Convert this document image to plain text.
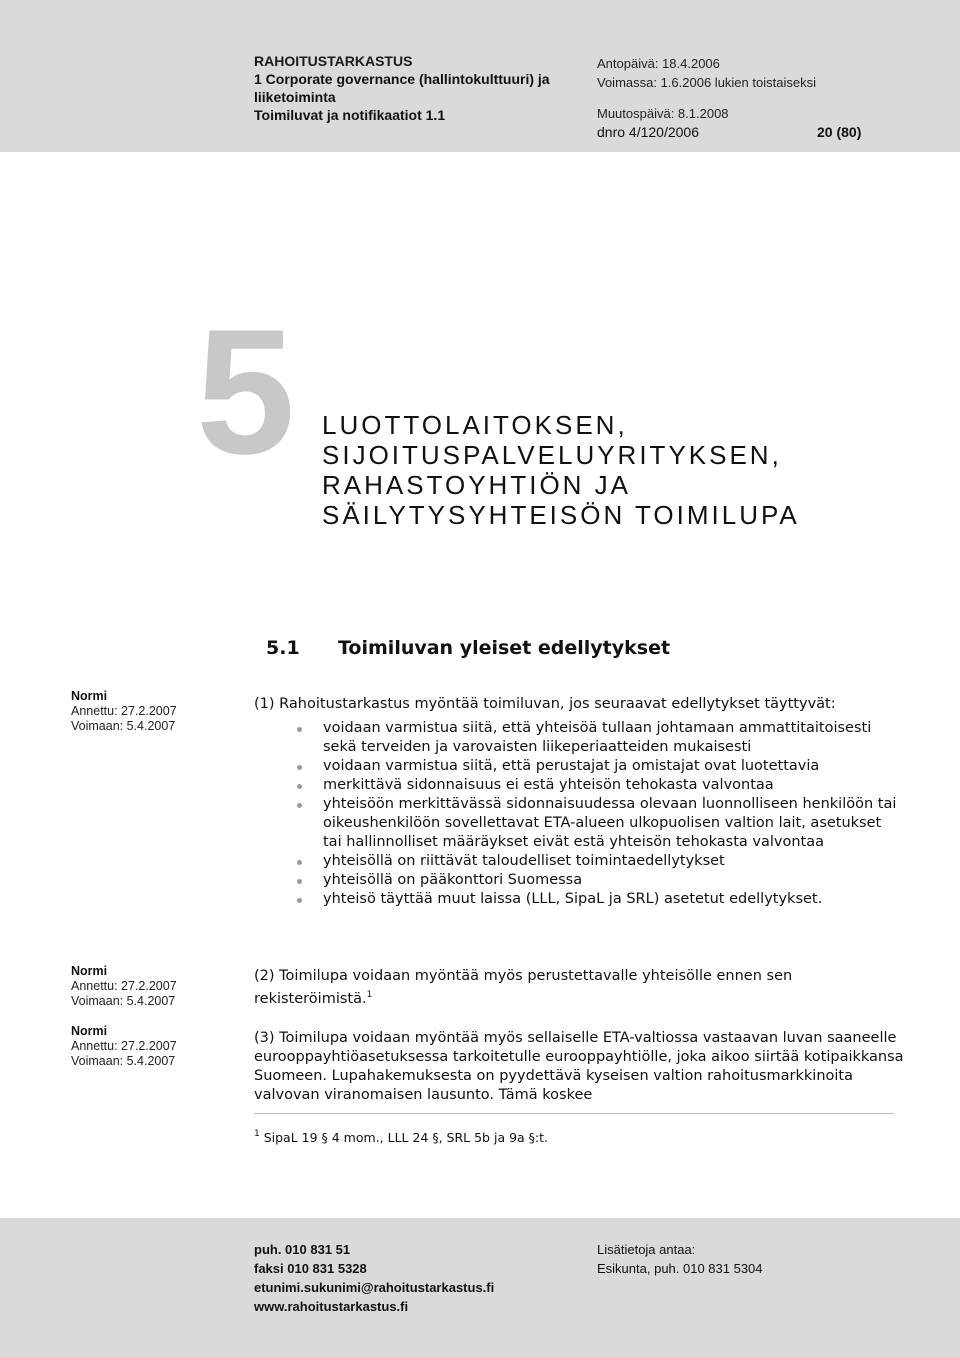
RAHOITUSTARKASTUS
1 Corporate governance (hallintokulttuuri) ja
liiketoiminta
Toimiluvat ja notifikaatiot 1.1
Antopäivä: 18.4.2006
Voimassa: 1.6.2006 lukien toistaiseksi
Muutospäivä: 8.1.2008
dnro 4/120/2006	20 (80)
5 LUOTTOLAITOKSEN,
SIJOITUSPALVELUYRITYKSEN,
RAHASTOYHTIÖN JA
SÄILYTYSYHTEISÖN TOIMILUPA
5.1 Toimiluvan yleiset edellytykset
Normi
Annettu: 27.2.2007
Voimaan: 5.4.2007
Normi
Annettu: 27.2.2007
Voimaan: 5.4.2007
Normi
Annettu: 27.2.2007
Voimaan: 5.4.2007

(1) Rahoitustarkastus myöntää toimiluvan, jos seuraavat edellytykset täyttyvät:

voidaan varmistua siitä, että yhteisöä tullaan johtamaan ammattitaitoisesti sekä terveiden ja varovaisten liikeperiaatteiden mukaisesti
voidaan varmistua siitä, että perustajat ja omistajat ovat luotettavia
merkittävä sidonnaisuus ei estä yhteisön tehokasta valvontaa
yhteisöön merkittävässä sidonnaisuudessa olevaan luonnolliseen henkilöön tai oikeushenkilöön sovellettavat ETA-alueen ulkopuolisen valtion lait, asetukset tai hallinnolliset määräykset eivät estä yhteisön tehokasta valvontaa
yhteisöllä on riittävät taloudelliset toimintaedellytykset
yhteisöllä on pääkonttori Suomessa
yhteisö täyttää muut laissa (LLL, SipaL ja SRL) asetetut edellytykset.

(2) Toimilupa voidaan myöntää myös perustettavalle yhteisölle ennen sen rekisteröimistä.$^1$

(3) Toimilupa voidaan myöntää myös sellaiselle ETA-valtiossa vastaavan luvan saaneelle eurooppayhtiöasetuksessa tarkoitetulle eurooppayhtiölle, joka aikoo siirtää kotipaikkansa Suomeen. Lupahakemuksesta on pyydettävä kyseisen valtion rahoitusmarkkinoita valvovan viranomaisen lausunto. Tämä koskee

$^1$ SipaL 19 § 4 mom., LLL 24 §, SRL 5b ja 9a §:t.
puh. 010 831 51
faksi 010 831 5328
etunimi.sukunimi@rahoitustarkastus.fi
www.rahoitustarkastus.fi
Lisätietoja antaa:
Esikunta, puh. 010 831 5304
